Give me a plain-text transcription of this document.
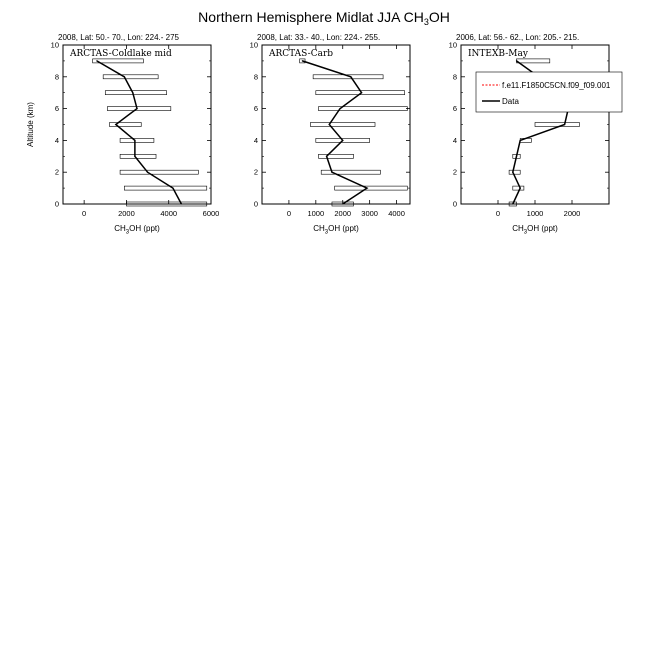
Northern Hemisphere Midlat JJA $CH_3OH$
2008, Lat: 50.- 70., Lon: 224.- 275
0
2
4
6
8
10
0	2000	4000	6000
$CH_3OH$ (ppt)
Altitude (km)
ARCTAS-Coldlake mid
2008, Lat: 33.- 40., Lon: 224.- 255.
0
2
4
6
8
10
0 1000 2000 3000 4000
$CH_3OH$ (ppt)
ARCTAS-Carb
2006, Lat: 56.- 62., Lon: 205.- 215.
0
2
4
6
8
10
0	1000	2000
$CH_3OH$ (ppt)
INTEXB-May
f.e11.F1850C5CN.f09_f09.001
Data
